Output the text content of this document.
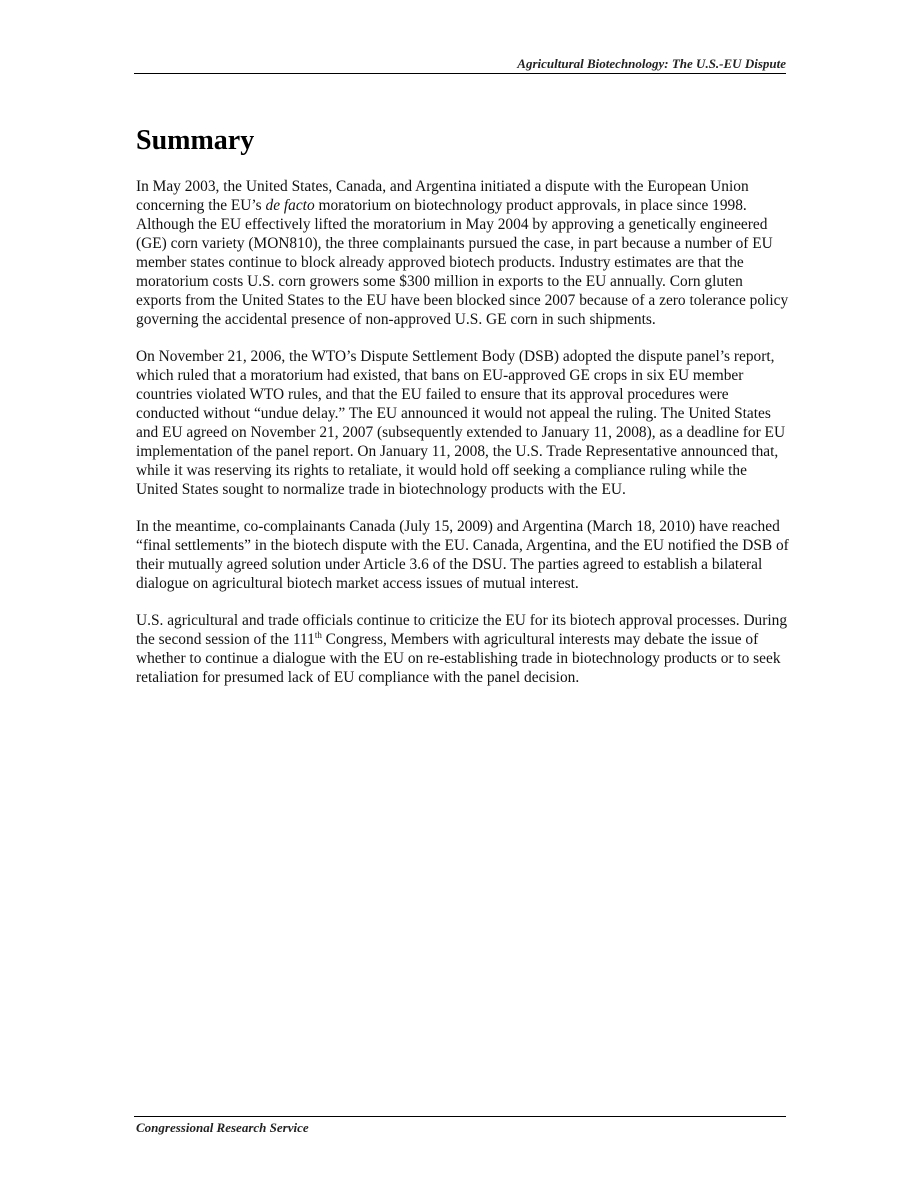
Agricultural Biotechnology: The U.S.-EU Dispute
Summary

In May 2003, the United States, Canada, and Argentina initiated a dispute with the European Union concerning the EU’s de facto moratorium on biotechnology product approvals, in place since 1998. Although the EU effectively lifted the moratorium in May 2004 by approving a genetically engineered (GE) corn variety (MON810), the three complainants pursued the case, in part because a number of EU member states continue to block already approved biotech products. Industry estimates are that the moratorium costs U.S. corn growers some $300 million in exports to the EU annually. Corn gluten exports from the United States to the EU have been blocked since 2007 because of a zero tolerance policy governing the accidental presence of non-approved U.S. GE corn in such shipments.

On November 21, 2006, the WTO’s Dispute Settlement Body (DSB) adopted the dispute panel’s report, which ruled that a moratorium had existed, that bans on EU-approved GE crops in six EU member countries violated WTO rules, and that the EU failed to ensure that its approval procedures were conducted without “undue delay.” The EU announced it would not appeal the ruling. The United States and EU agreed on November 21, 2007 (subsequently extended to January 11, 2008), as a deadline for EU implementation of the panel report. On January 11, 2008, the U.S. Trade Representative announced that, while it was reserving its rights to retaliate, it would hold off seeking a compliance ruling while the United States sought to normalize trade in biotechnology products with the EU.

In the meantime, co-complainants Canada (July 15, 2009) and Argentina (March 18, 2010) have reached “final settlements” in the biotech dispute with the EU. Canada, Argentina, and the EU notified the DSB of their mutually agreed solution under Article 3.6 of the DSU. The parties agreed to establish a bilateral dialogue on agricultural biotech market access issues of mutual interest.

U.S. agricultural and trade officials continue to criticize the EU for its biotech approval processes. During the second session of the 111th Congress, Members with agricultural interests may debate the issue of whether to continue a dialogue with the EU on re-establishing trade in biotechnology products or to seek retaliation for presumed lack of EU compliance with the panel decision.

Congressional Research Service
